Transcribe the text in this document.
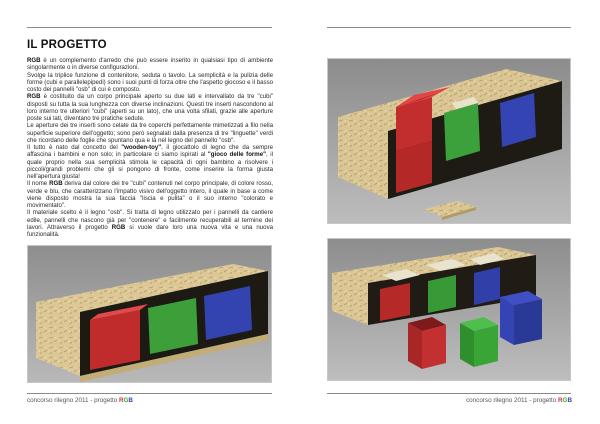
IL PROGETTO

RGB è un complemento d'arredo che può essere inserito in qualsiasi tipo di ambiente singolarmente o in diverse configurazioni.

Svolge la triplice funzione di contenitore, seduta o tavolo. La semplicità e la pulizia delle forme (cubi e parallelepipedi) sono i suoi punti di forza oltre che l'aspetto giocoso e il basso costo dei pannelli "osb" di cui è composto.

RGB è costituito da un corpo principale aperto su due lati e intervallato da tre "cubi" disposti su tutta la sua lunghezza con diverse inclinazioni. Questi tre inserti nascondono al loro interno tre ulteriori "cubi" (aperti su un lato), che una volta sfilati, grazie alle aperture poste sui lati, diventano tre pratiche sedute.

Le aperture dei tre inserti sono celate da tre coperchi perfettamente mimetizzati a filo nella superficie superiore dell'oggetto; sono però segnalati dalla presenza di tre "linguette" verdi che ricordano delle foglie che spuntano qua e là nel legno del pannello "osb".

Il tutto è nato dal concetto del "wooden-toy", il giocattolo di legno che da sempre affascina i bambini e non solo; in particolare ci siamo ispirati al "gioco delle forme", il quale proprio nella sua semplicità stimola le capacità di ogni bambino a risolvere i piccoli/grandi problemi che gli si pongono di fronte, come inserire la forma giusta nell'apertura giusta!

Il nome RGB deriva dal colore dei tre "cubi" contenuti nel corpo principale, di colore rosso, verde e blu, che caratterizzano l'impatto visivo dell'oggetto intero, il quale in base a come viene disposto mostra la sua faccia "liscia e pulita" o il suo interno "colorato e movimentato".

Il materiale scelto è il legno "osb". Si tratta di legno utilizzato per i pannelli da cantiere edile, pannelli che nascono già per "contenere" e facilmente recuperabili al termine dei lavori. Attraverso il progetto RGB si vuole dare loro una nuova vita e una nuova funzionalità.

concorso rilegno 2011 - progetto RGB	concorso rilegno 2011 - progetto RGB
